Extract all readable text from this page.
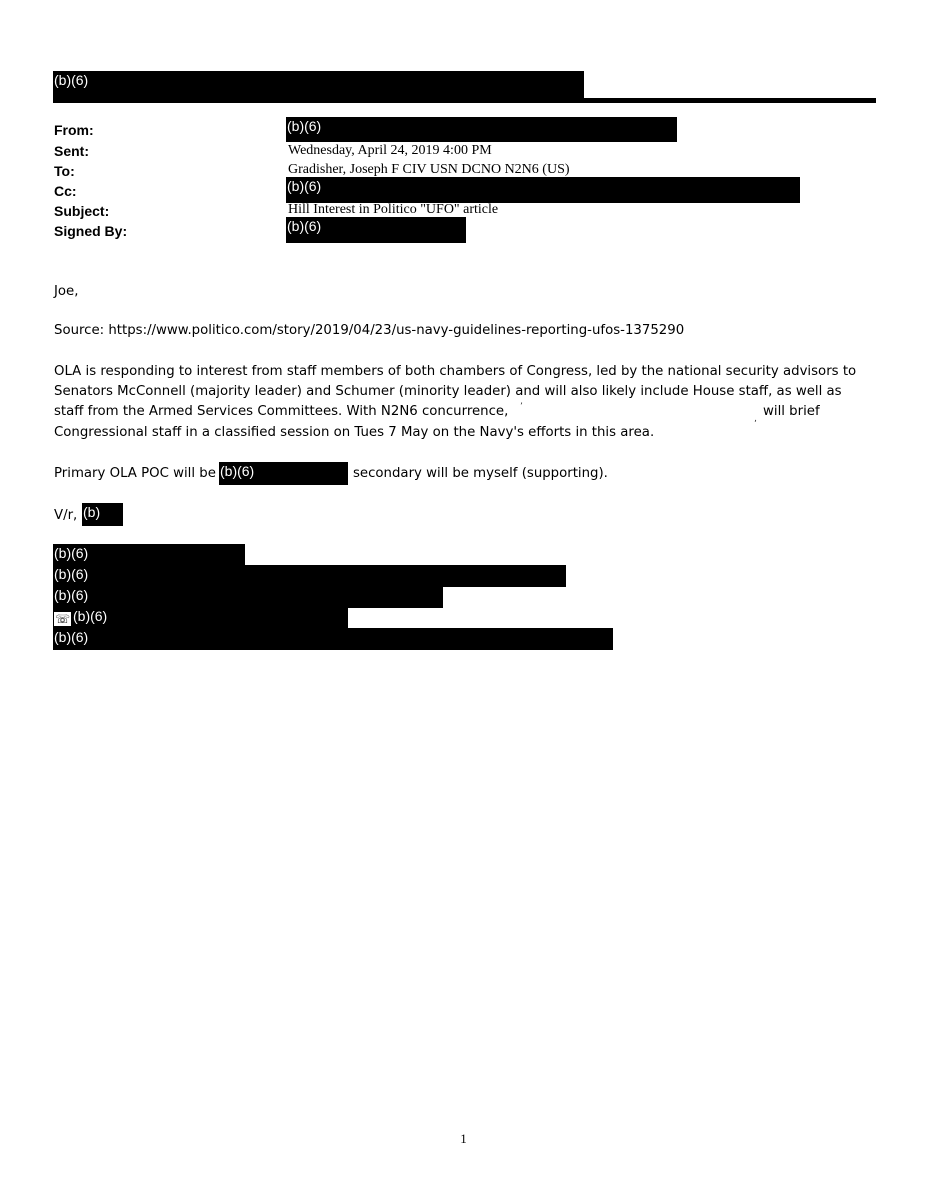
(b)(6)
From:	(b)(6)
Sent:	Wednesday, April 24, 2019 4:00 PM
To:	Gradisher, Joseph F CIV USN DCNO N2N6 (US)
Cc:	(b)(6)
Subject:	Hill Interest in Politico "UFO" article
Signed By:	(b)(6)
Joe,
Source: https://www.politico.com/story/2019/04/23/us-navy-guidelines-reporting-ufos-1375290
OLA is responding to interest from staff members of both chambers of Congress, led by the national security advisors to
Senators McConnell (majority leader) and Schumer (minority leader) and will also likely include House staff, as well as
staff from the Armed Services Committees. With N2N6 concurrence, ʼ
‚ will brief
Congressional staff in a classified session on Tues 7 May on the Navy's efforts in this area.
Primary OLA POC will be (b)(6)	secondary will be myself (supporting).
V/r, (b)
(b)(6)
(b)(6)
(b)(6)
☏ (b)(6)
(b)(6)
1
